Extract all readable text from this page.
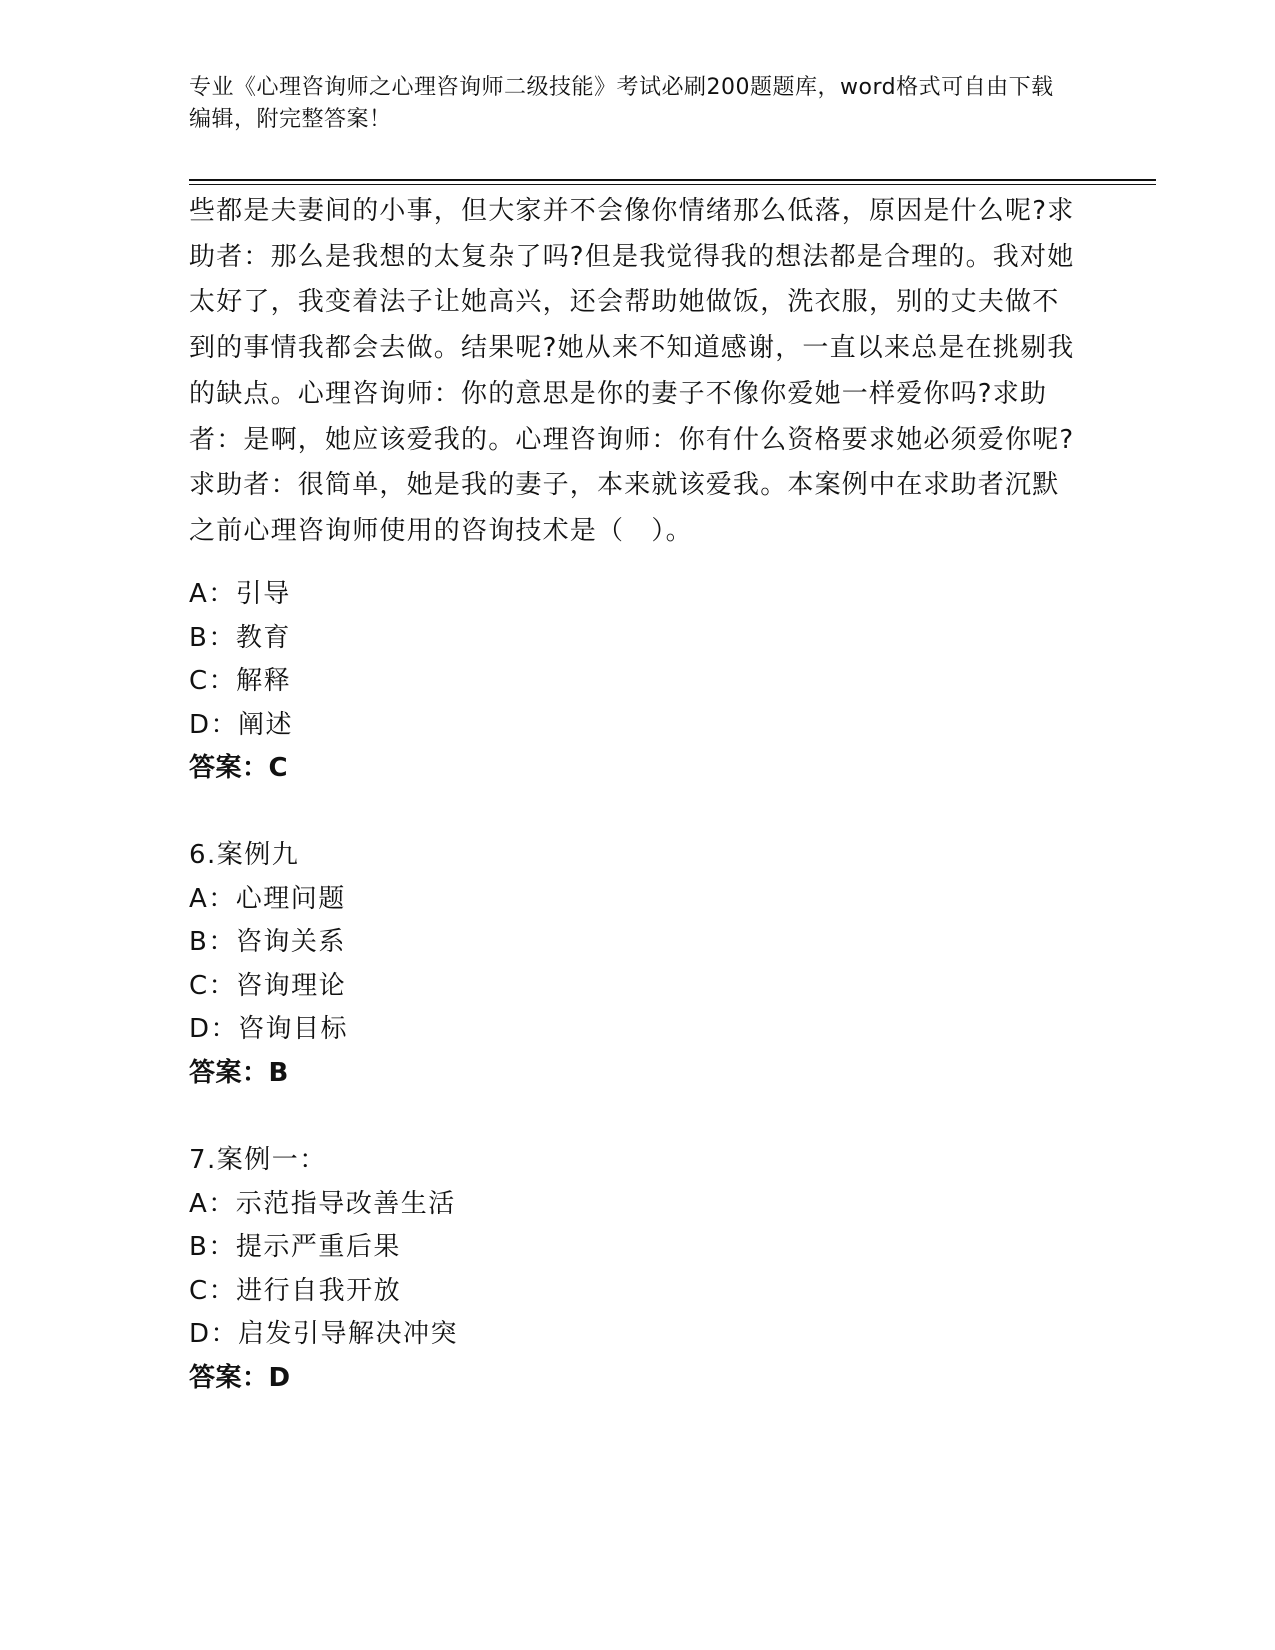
专业《心理咨询师之心理咨询师二级技能》考试必刷200题题库，word格式可自由下载编辑，附完整答案！
些都是夫妻间的小事，但大家并不会像你情绪那么低落，原因是什么呢?求助者：那么是我想的太复杂了吗?但是我觉得我的想法都是合理的。我对她太好了，我变着法子让她高兴，还会帮助她做饭，洗衣服，别的丈夫做不到的事情我都会去做。结果呢?她从来不知道感谢，一直以来总是在挑剔我的缺点。心理咨询师：你的意思是你的妻子不像你爱她一样爱你吗?求助者：是啊，她应该爱我的。心理咨询师：你有什么资格要求她必须爱你呢?求助者：很简单，她是我的妻子，本来就该爱我。本案例中在求助者沉默之前心理咨询师使用的咨询技术是（　）。
A：引导
B：教育
C：解释
D：阐述
答案：C
6.案例九
A：心理问题
B：咨询关系
C：咨询理论
D：咨询目标
答案：B
7.案例一：
A：示范指导改善生活
B：提示严重后果
C：进行自我开放
D：启发引导解决冲突
答案：D
